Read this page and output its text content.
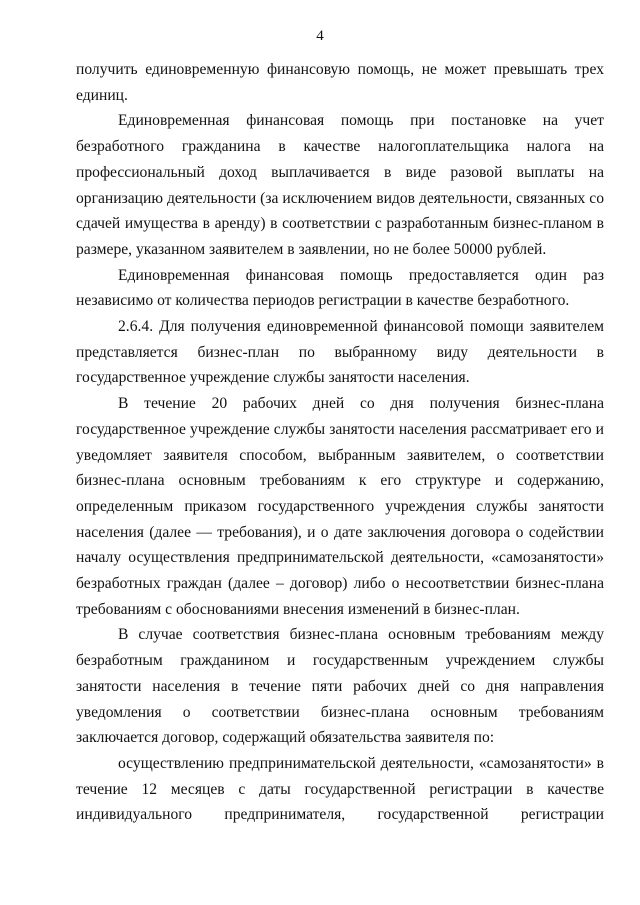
4

получить единовременную финансовую помощь, не может превышать трех единиц.

Единовременная финансовая помощь при постановке на учет безработного гражданина в качестве налогоплательщика налога на профессиональный доход выплачивается в виде разовой выплаты на организацию деятельности (за исключением видов деятельности, связанных со сдачей имущества в аренду) в соответствии с разработанным бизнес-планом в размере, указанном заявителем в заявлении, но не более 50000 рублей.

Единовременная финансовая помощь предоставляется один раз независимо от количества периодов регистрации в качестве безработного.

2.6.4. Для получения единовременной финансовой помощи заявителем представляется бизнес-план по выбранному виду деятельности в государственное учреждение службы занятости населения.

В течение 20 рабочих дней со дня получения бизнес-плана государственное учреждение службы занятости населения рассматривает его и уведомляет заявителя способом, выбранным заявителем, о соответствии бизнес-плана основным требованиям к его структуре и содержанию, определенным приказом государственного учреждения службы занятости населения (далее — требования), и о дате заключения договора о содействии началу осуществления предпринимательской деятельности, «самозанятости» безработных граждан (далее – договор) либо о несоответствии бизнес-плана требованиям с обоснованиями внесения изменений в бизнес-план.

В случае соответствия бизнес-плана основным требованиям между безработным гражданином и государственным учреждением службы занятости населения в течение пяти рабочих дней со дня направления уведомления о соответствии бизнес-плана основным требованиям заключается договор, содержащий обязательства заявителя по:

осуществлению предпринимательской деятельности, «самозанятости» в течение 12 месяцев с даты государственной регистрации в качестве индивидуального предпринимателя, государственной регистрации
